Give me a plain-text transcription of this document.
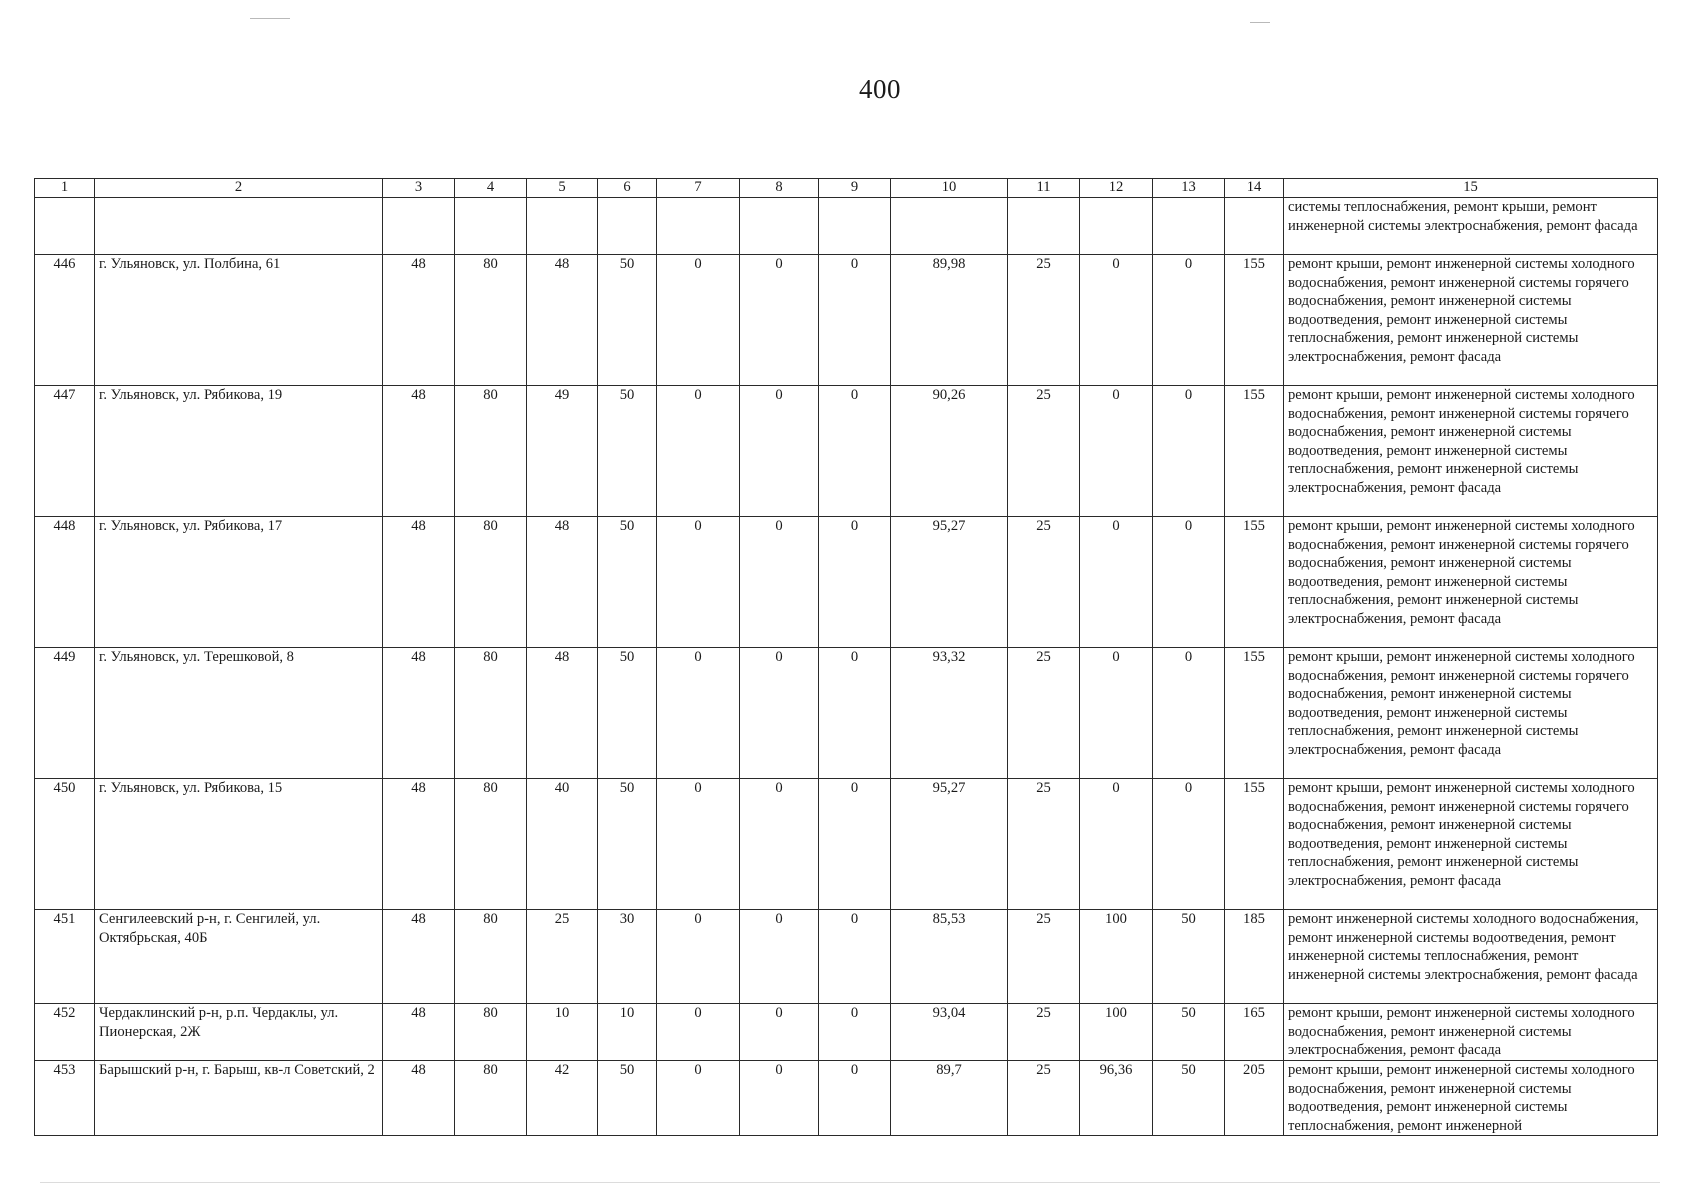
400
1	2	3	4	5	6	7	8	9	10	11	12	13	14	15
														системы теплоснабжения, ремонт крыши, ремонт инженерной системы электроснабжения, ремонт фасада
446	г. Ульяновск, ул. Полбина, 61	48	80	48	50	0	0	0	89,98	25	0	0	155	ремонт крыши, ремонт инженерной системы холодного водоснабжения, ремонт инженерной системы горячего водоснабжения, ремонт инженерной системы водоотведения, ремонт инженерной системы теплоснабжения, ремонт инженерной системы электроснабжения, ремонт фасада
447	г. Ульяновск, ул. Рябикова, 19	48	80	49	50	0	0	0	90,26	25	0	0	155	ремонт крыши, ремонт инженерной системы холодного водоснабжения, ремонт инженерной системы горячего водоснабжения, ремонт инженерной системы водоотведения, ремонт инженерной системы теплоснабжения, ремонт инженерной системы электроснабжения, ремонт фасада
448	г. Ульяновск, ул. Рябикова, 17	48	80	48	50	0	0	0	95,27	25	0	0	155	ремонт крыши, ремонт инженерной системы холодного водоснабжения, ремонт инженерной системы горячего водоснабжения, ремонт инженерной системы водоотведения, ремонт инженерной системы теплоснабжения, ремонт инженерной системы электроснабжения, ремонт фасада
449	г. Ульяновск, ул. Терешковой, 8	48	80	48	50	0	0	0	93,32	25	0	0	155	ремонт крыши, ремонт инженерной системы холодного водоснабжения, ремонт инженерной системы горячего водоснабжения, ремонт инженерной системы водоотведения, ремонт инженерной системы теплоснабжения, ремонт инженерной системы электроснабжения, ремонт фасада
450	г. Ульяновск, ул. Рябикова, 15	48	80	40	50	0	0	0	95,27	25	0	0	155	ремонт крыши, ремонт инженерной системы холодного водоснабжения, ремонт инженерной системы горячего водоснабжения, ремонт инженерной системы водоотведения, ремонт инженерной системы теплоснабжения, ремонт инженерной системы электроснабжения, ремонт фасада
451	Сенгилеевский р-н, г. Сенгилей, ул. Октябрьская, 40Б	48	80	25	30	0	0	0	85,53	25	100	50	185	ремонт инженерной системы холодного водоснабжения, ремонт инженерной системы водоотведения, ремонт инженерной системы теплоснабжения, ремонт инженерной системы электроснабжения, ремонт фасада
452	Чердаклинский р-н, р.п. Чердаклы, ул. Пионерская, 2Ж	48	80	10	10	0	0	0	93,04	25	100	50	165	ремонт крыши, ремонт инженерной системы холодного водоснабжения, ремонт инженерной системы электроснабжения, ремонт фасада
453	Барышский р-н, г. Барыш, кв-л Советский, 2	48	80	42	50	0	0	0	89,7	25	96,36	50	205	ремонт крыши, ремонт инженерной системы холодного водоснабжения, ремонт инженерной системы водоотведения, ремонт инженерной системы теплоснабжения, ремонт инженерной
